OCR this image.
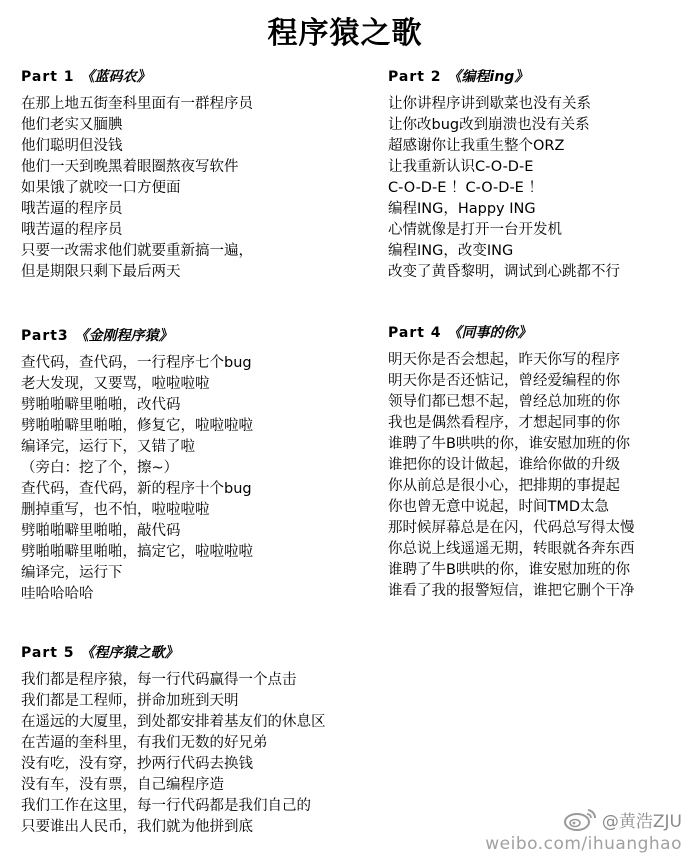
程序猿之歌
Part 1 《蓝码农》
在那上地五街奎科里面有一群程序员
他们老实又腼腆
他们聪明但没钱
他们一天到晚黑着眼圈熬夜写软件
如果饿了就咬一口方便面
哦苦逼的程序员
哦苦逼的程序员
只要一改需求他们就要重新搞一遍，
但是期限只剩下最后两天
Part 2 《编程ing》
让你讲程序讲到歇菜也没有关系
让你改bug改到崩溃也没有关系
超感谢你让我重生整个ORZ
让我重新认识C-O-D-E
C-O-D-E ！C-O-D-E ！
编程ING，Happy ING
心情就像是打开一台开发机
编程ING，改变ING
改变了黄昏黎明，调试到心跳都不行
Part3 《金刚程序猿》
查代码，查代码，一行程序七个bug
老大发现，又要骂，啦啦啦啦
劈啪啪噼里啪啪，改代码
劈啪啪噼里啪啪，修复它，啦啦啦啦
编译完，运行下，又错了啦
（旁白：挖了个，擦~）
查代码，查代码，新的程序十个bug
删掉重写，也不怕，啦啦啦啦
劈啪啪噼里啪啪，敲代码
劈啪啪噼里啪啪，搞定它，啦啦啦啦
编译完，运行下
哇哈哈哈哈
Part 4 《同事的你》
明天你是否会想起，昨天你写的程序
明天你是否还惦记，曾经爱编程的你
领导们都已想不起，曾经总加班的你
我也是偶然看程序，才想起同事的你
谁聘了牛B哄哄的你，谁安慰加班的你
谁把你的设计做起，谁给你做的升级
你从前总是很小心，把排期的事提起
你也曾无意中说起，时间TMD太急
那时候屏幕总是在闪，代码总写得太慢
你总说上线遥遥无期，转眼就各奔东西
谁聘了牛B哄哄的你，谁安慰加班的你
谁看了我的报警短信，谁把它删个干净
Part 5 《程序猿之歌》
我们都是程序猿，每一行代码赢得一个点击
我们都是工程师，拼命加班到天明
在遥远的大厦里，到处都安排着基友们的休息区
在苦逼的奎科里，有我们无数的好兄弟
没有吃，没有穿，抄两行代码去换钱
没有车，没有票，自己编程序造
我们工作在这里，每一行代码都是我们自己的
只要谁出人民币，我们就为他拼到底	@黄浩ZJU
weibo.com/ihuanghao
